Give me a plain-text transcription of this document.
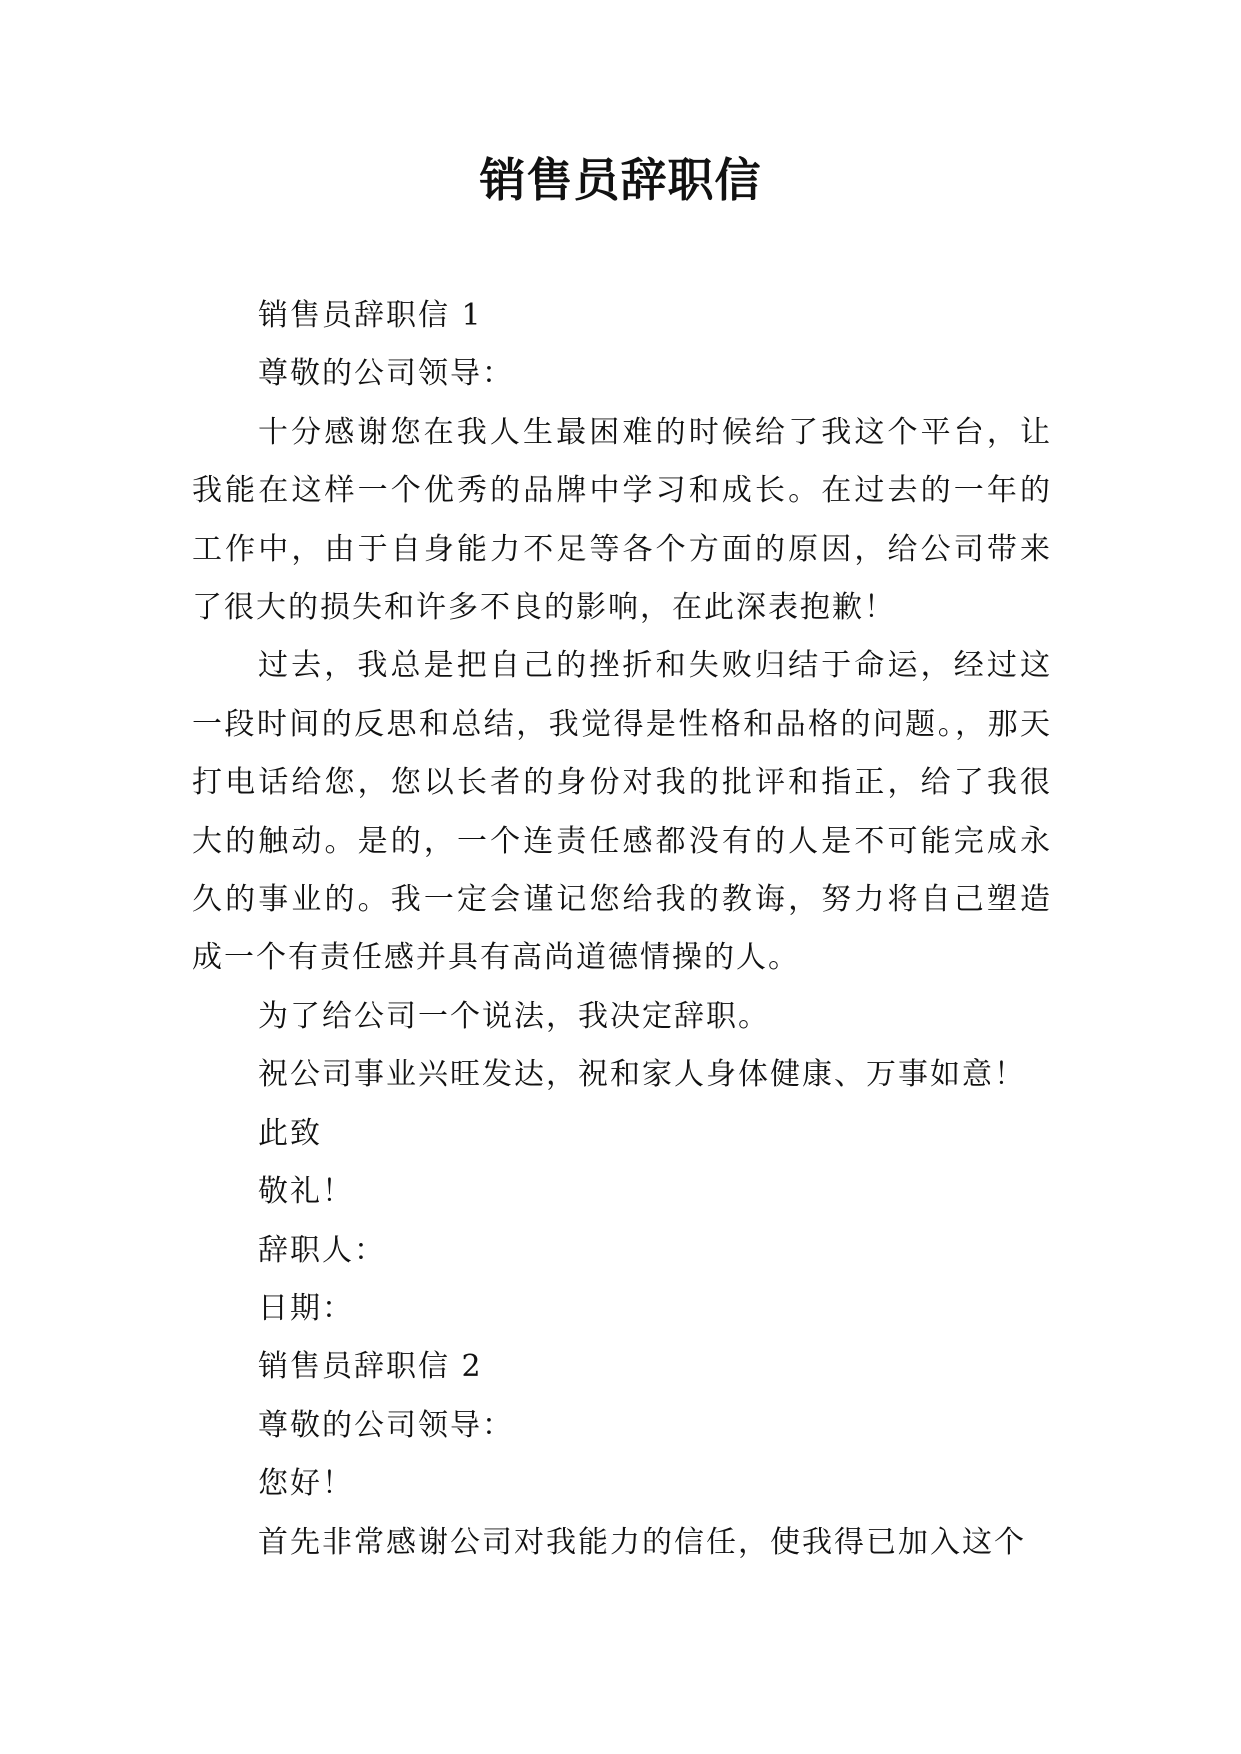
销售员辞职信

销售员辞职信 1

尊敬的公司领导：

十分感谢您在我人生最困难的时候给了我这个平台，让我能在这样一个优秀的品牌中学习和成长。在过去的一年的工作中，由于自身能力不足等各个方面的原因，给公司带来了很大的损失和许多不良的影响，在此深表抱歉！

过去，我总是把自己的挫折和失败归结于命运，经过这一段时间的反思和总结，我觉得是性格和品格的问题。，那天打电话给您，您以长者的身份对我的批评和指正，给了我很大的触动。是的，一个连责任感都没有的人是不可能完成永久的事业的。我一定会谨记您给我的教诲，努力将自己塑造成一个有责任感并具有高尚道德情操的人。

为了给公司一个说法，我决定辞职。

祝公司事业兴旺发达，祝和家人身体健康、万事如意！

此致

敬礼！

辞职人：

日期：

销售员辞职信 2

尊敬的公司领导：

您好！

首先非常感谢公司对我能力的信任，使我得已加入这个
